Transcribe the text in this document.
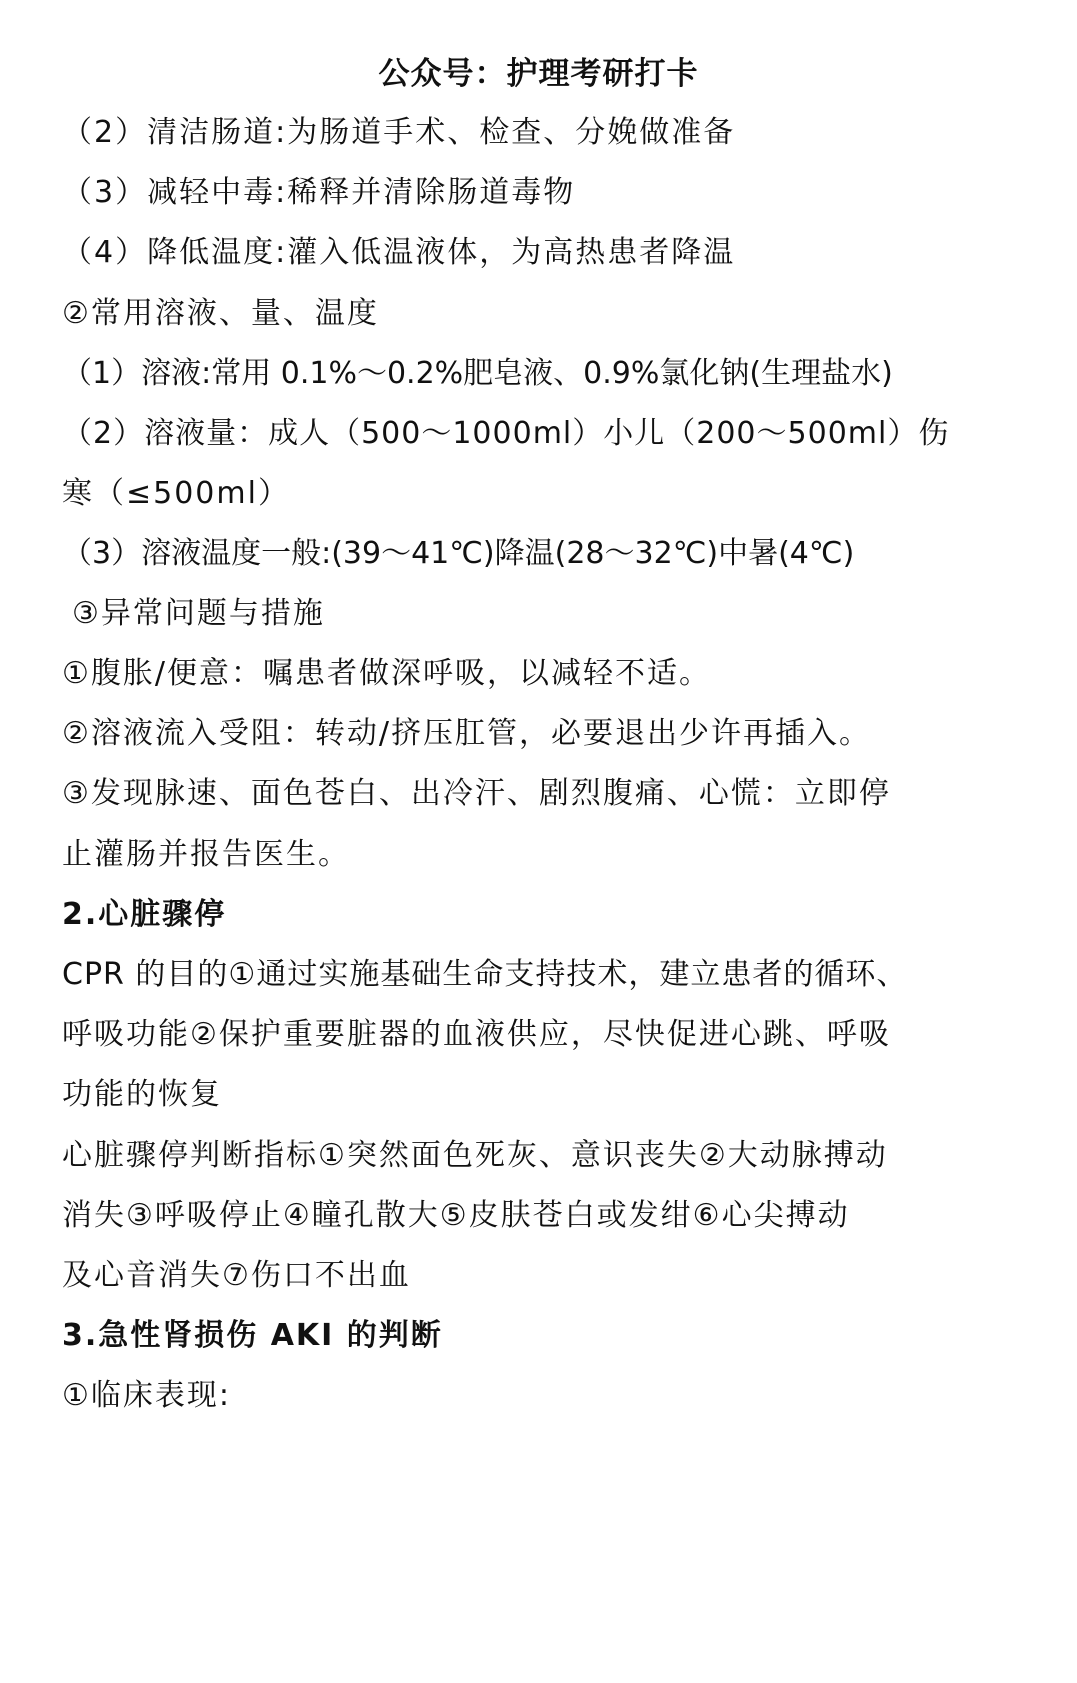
公众号：护理考研打卡
（2）清洁肠道:为肠道手术、检查、分娩做准备
（3）减轻中毒:稀释并清除肠道毒物
（4）降低温度:灌入低温液体，为高热患者降温
②常用溶液、量、温度
（1）溶液:常用 0.1%～0.2%肥皂液、0.9%氯化钠(生理盐水)
（2）溶液量：成人（500～1000ml）小儿（200～500ml）伤
寒（≤500ml）
（3）溶液温度一般:(39～41℃)降温(28～32℃)中暑(4℃)
③异常问题与措施
①腹胀/便意：嘱患者做深呼吸，以减轻不适。
②溶液流入受阻：转动/挤压肛管，必要退出少许再插入。
③发现脉速、面色苍白、出冷汗、剧烈腹痛、心慌：立即停
止灌肠并报告医生。
2.心脏骤停
CPR 的目的①通过实施基础生命支持技术，建立患者的循环、
呼吸功能②保护重要脏器的血液供应，尽快促进心跳、呼吸
功能的恢复
心脏骤停判断指标①突然面色死灰、意识丧失②大动脉搏动
消失③呼吸停止④瞳孔散大⑤皮肤苍白或发绀⑥心尖搏动
及心音消失⑦伤口不出血
3.急性肾损伤 AKI 的判断
①临床表现:
